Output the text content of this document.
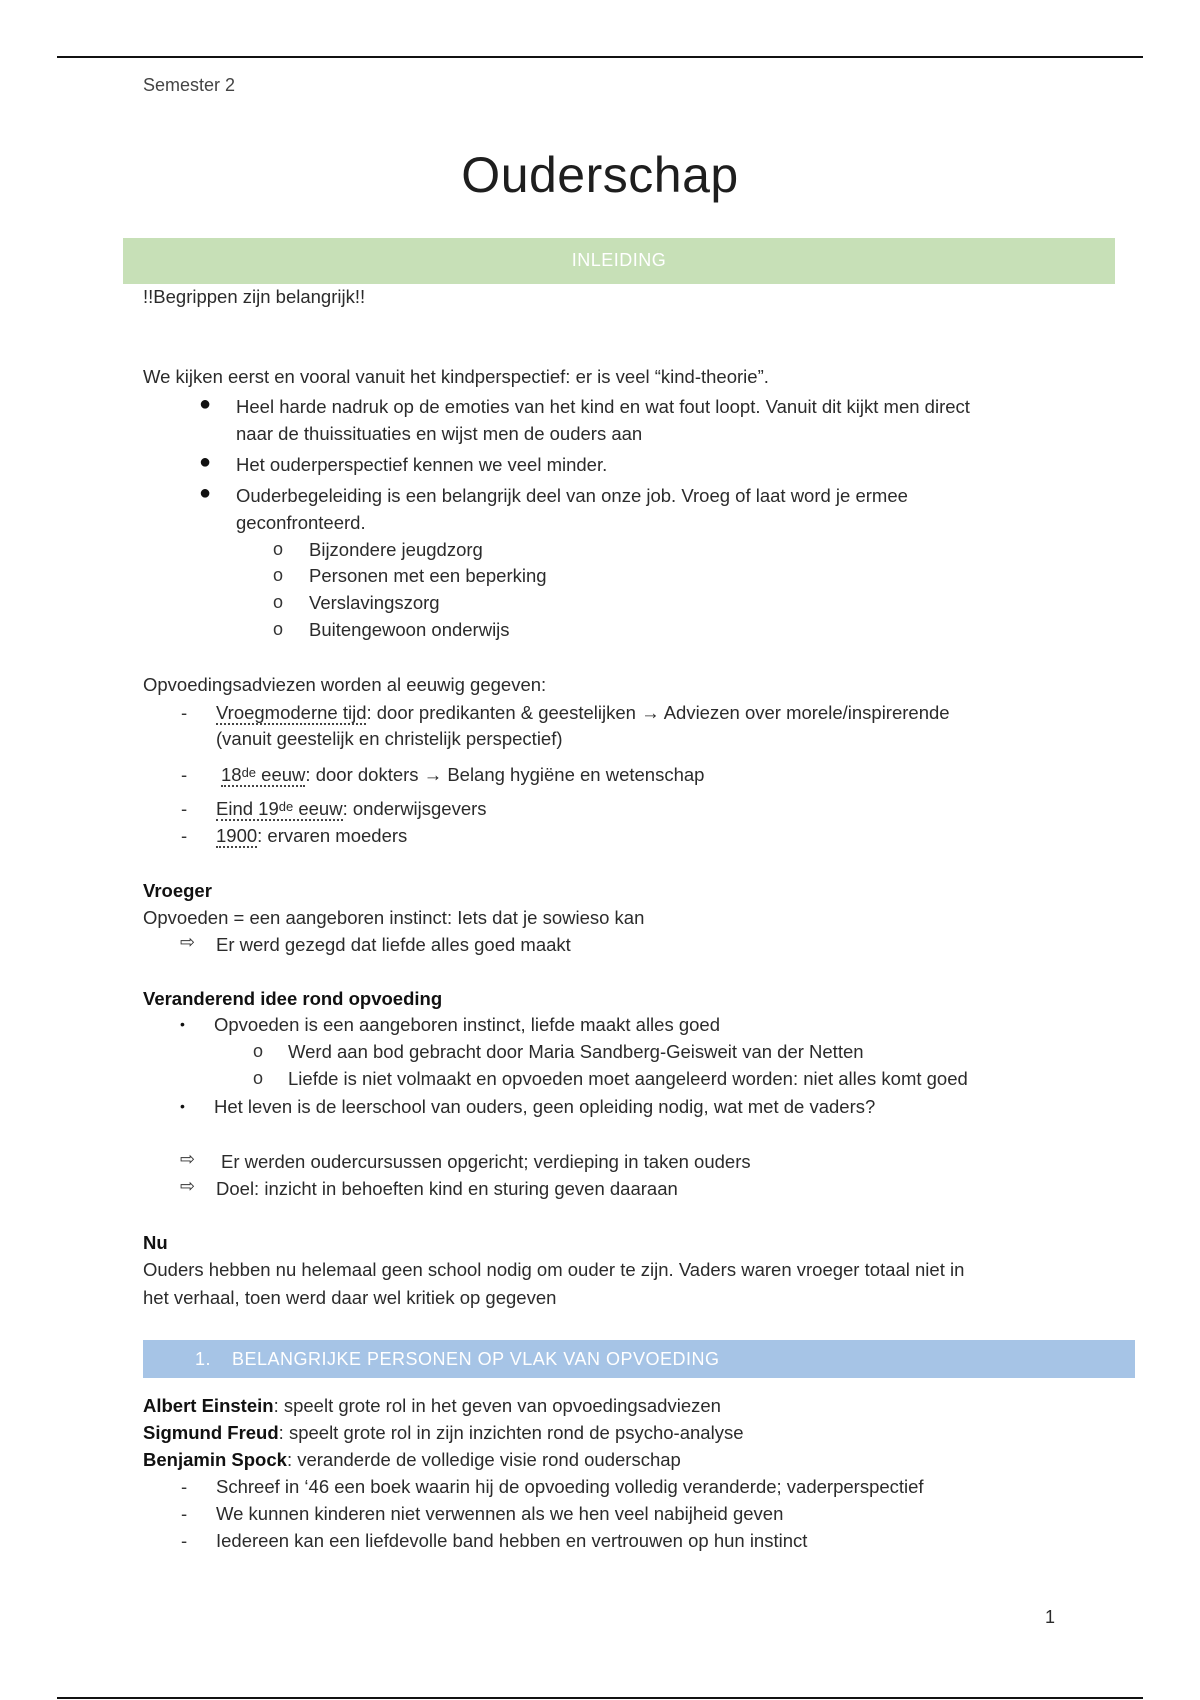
Semester 2
Ouderschap
INLEIDING
!!Begrippen zijn belangrijk!!
We kijken eerst en vooral vanuit het kindperspectief: er is veel “kind-theorie”.
● Heel harde nadruk op de emoties van het kind en wat fout loopt. Vanuit dit kijkt men direct
naar de thuissituaties en wijst men de ouders aan
● Het ouderperspectief kennen we veel minder.
● Ouderbegeleiding is een belangrijk deel van onze job. Vroeg of laat word je ermee
geconfronteerd.
o Bijzondere jeugdzorg
o Personen met een beperking
o Verslavingszorg
o Buitengewoon onderwijs
Opvoedingsadviezen worden al eeuwig gegeven:
- Vroegmoderne tijd: door predikanten & geestelijken → Adviezen over morele/inspirerende
(vanuit geestelijk en christelijk perspectief)
- 18de eeuw: door dokters → Belang hygiëne en wetenschap
- Eind 19de eeuw: onderwijsgevers
- 1900: ervaren moeders
Vroeger
Opvoeden = een aangeboren instinct: Iets dat je sowieso kan
⇨ Er werd gezegd dat liefde alles goed maakt
Veranderend idee rond opvoeding
• Opvoeden is een aangeboren instinct, liefde maakt alles goed
o Werd aan bod gebracht door Maria Sandberg-Geisweit van der Netten
o Liefde is niet volmaakt en opvoeden moet aangeleerd worden: niet alles komt goed
• Het leven is de leerschool van ouders, geen opleiding nodig, wat met de vaders?
⇨ Er werden oudercursussen opgericht; verdieping in taken ouders
⇨ Doel: inzicht in behoeften kind en sturing geven daaraan
Nu
Ouders hebben nu helemaal geen school nodig om ouder te zijn. Vaders waren vroeger totaal niet in
het verhaal, toen werd daar wel kritiek op gegeven
1. BELANGRIJKE PERSONEN OP VLAK VAN OPVOEDING
Albert Einstein: speelt grote rol in het geven van opvoedingsadviezen
Sigmund Freud: speelt grote rol in zijn inzichten rond de psycho-analyse
Benjamin Spock: veranderde de volledige visie rond ouderschap
- Schreef in ‘46 een boek waarin hij de opvoeding volledig veranderde; vaderperspectief
- We kunnen kinderen niet verwennen als we hen veel nabijheid geven
- Iedereen kan een liefdevolle band hebben en vertrouwen op hun instinct
1
